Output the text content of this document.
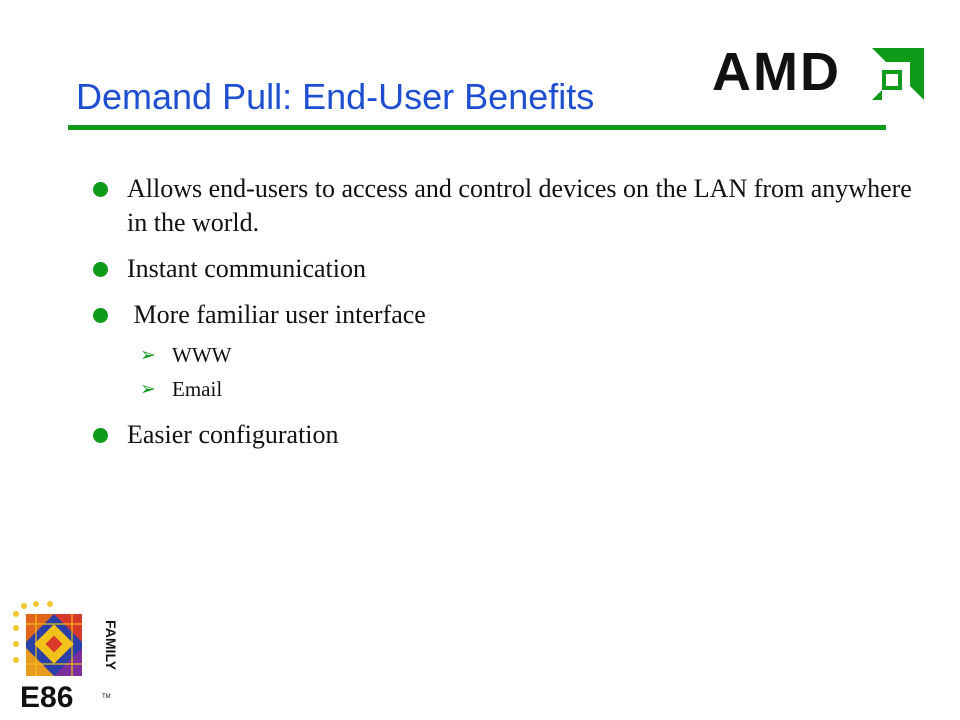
Demand Pull: End-User Benefits AMD
Allows end-users to access and control devices on the LAN from anywhere in the world.
Instant communication
More familiar user interface
➢ WWW
➢ Email
Easier configuration
E86
FAMILY
TM
